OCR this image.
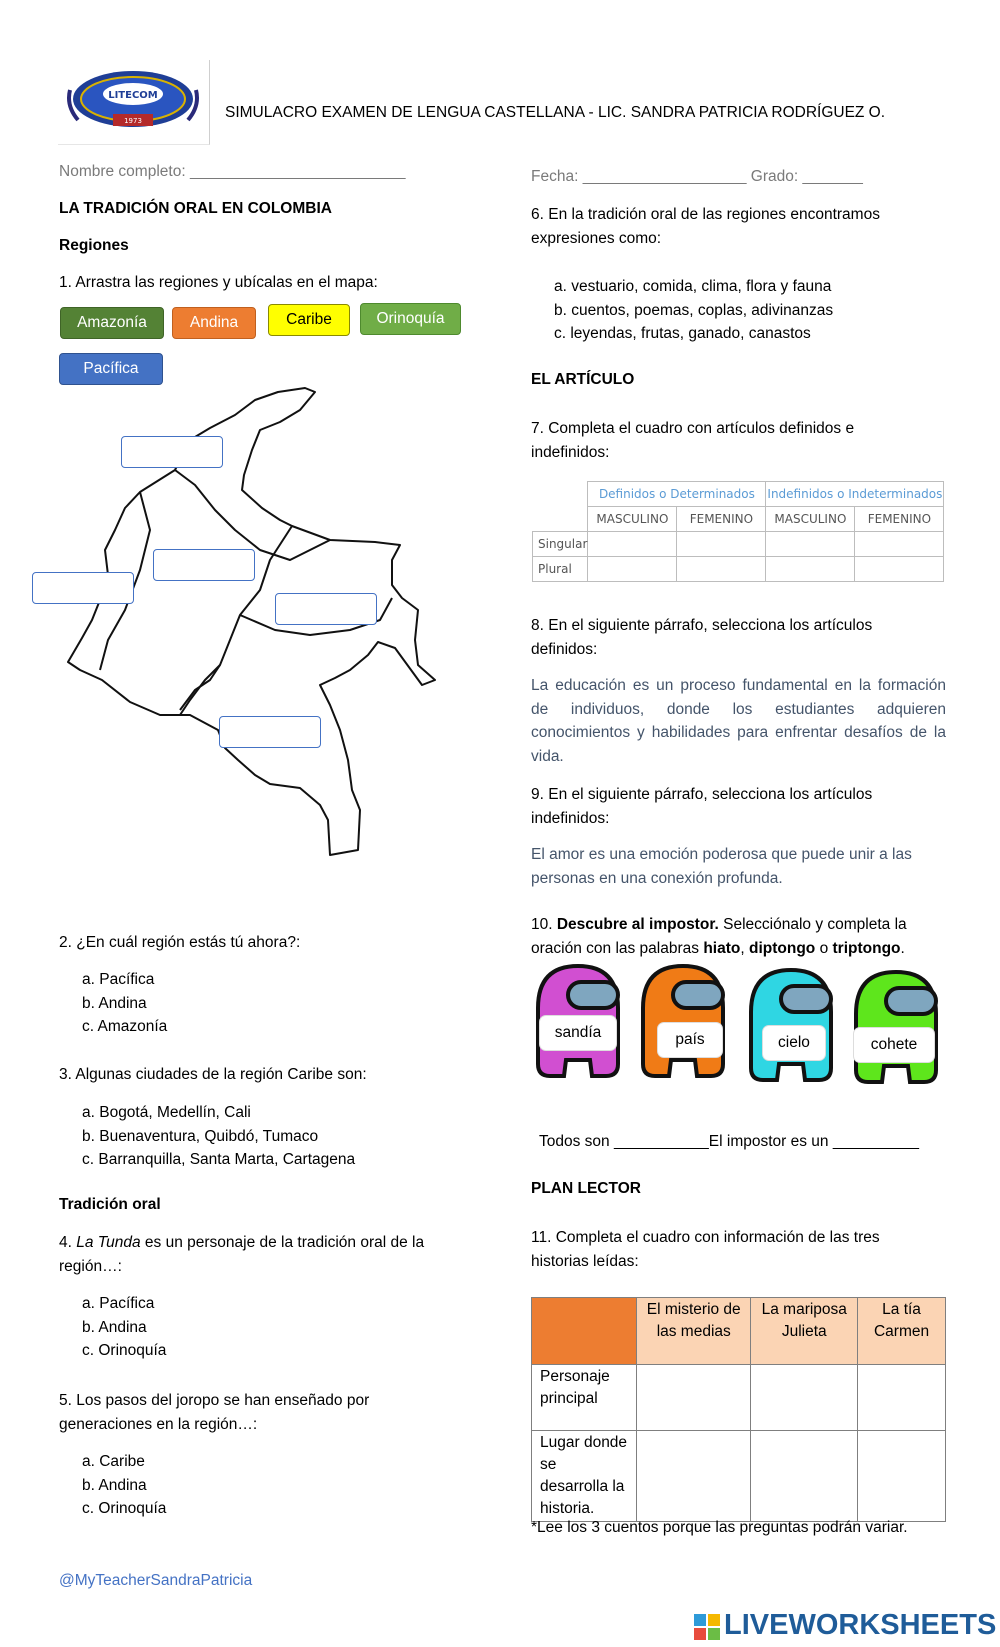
LITECOM
1973	SIMULACRO EXAMEN DE LENGUA CASTELLANA - LIC. SANDRA PATRICIA RODRÍGUEZ O.
Nombre completo: _________________________
LA TRADICIÓN ORAL EN COLOMBIA
Regiones
1. Arrastra las regiones y ubícalas en el mapa:
Amazonía	Andina	Caribe	Orinoquía
Pacífica
2. ¿En cuál región estás tú ahora?:
a. Pacífica
b. Andina
c. Amazonía
3. Algunas ciudades de la región Caribe son:
a. Bogotá, Medellín, Cali
b. Buenaventura, Quibdó, Tumaco
c. Barranquilla, Santa Marta, Cartagena
Tradición oral
4. La Tunda es un personaje de la tradición oral de la región…:
a. Pacífica
b. Andina
c. Orinoquía
5. Los pasos del joropo se han enseñado por generaciones en la región…:
a. Caribe
b. Andina
c. Orinoquía
@MyTeacherSandraPatricia
Fecha: ___________________ Grado: _______
6. En la tradición oral de las regiones encontramos expresiones como:
a. vestuario, comida, clima, flora y fauna
b. cuentos, poemas, coplas, adivinanzas
c. leyendas, frutas, ganado, canastos
EL ARTÍCULO
7. Completa el cuadro con artículos definidos e indefinidos:
	Definidos o Determinados		Indefinidos o Indeterminados	
	MASCULINO	FEMENINO	MASCULINO	FEMENINO
Singular				
Plural				
8. En el siguiente párrafo, selecciona los artículos definidos:
La educación es un proceso fundamental en la formación de individuos, donde los estudiantes adquieren conocimientos y habilidades para enfrentar desafíos de la vida.
9. En el siguiente párrafo, selecciona los artículos indefinidos:
El amor es una emoción poderosa que puede unir a las personas en una conexión profunda.
10. Descubre al impostor. Selecciónalo y completa la oración con las palabras hiato, diptongo o triptongo.
sandía	país	cielo	cohete
Todos son ___________El impostor es un __________
PLAN LECTOR
11. Completa el cuadro con información de las tres historias leídas:
	El misterio de las medias	La mariposa Julieta	La tía Carmen
Personaje principal			
Lugar donde se desarrolla la historia.			
*Lee los 3 cuentos porque las preguntas podrán variar.
LIVEWORKSHEETS
